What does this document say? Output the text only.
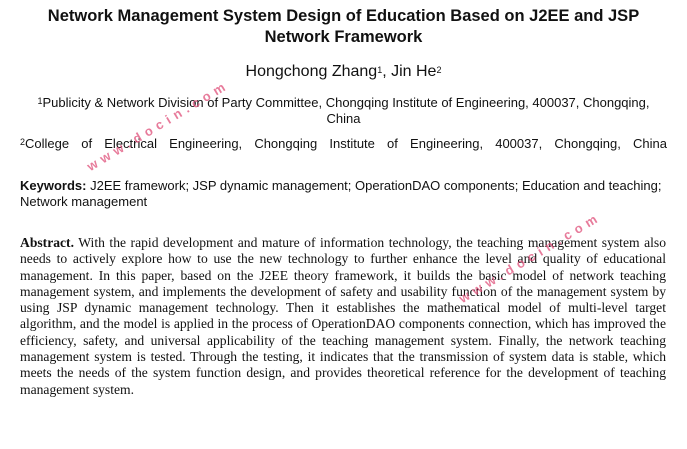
Network Management System Design of Education Based on J2EE and JSP Network Framework

Hongchong Zhang$^1$, Jin He$^2$

$^1$Publicity & Network Division of Party Committee, Chongqing Institute of Engineering, 400037, Chongqing, China

$^2$College of Electrical Engineering, Chongqing Institute of Engineering, 400037, Chongqing, China

Keywords: J2EE framework; JSP dynamic management; OperationDAO components; Education and teaching; Network management

Abstract. With the rapid development and mature of information technology, the teaching management system also needs to actively explore how to use the new technology to further enhance the level and quality of educational management. In this paper, based on the J2EE theory framework, it builds the basic model of network teaching management system, and implements the development of safety and usability function of the management system by using JSP dynamic management technology. Then it establishes the mathematical model of multi-level target algorithm, and the model is applied in the process of OperationDAO components connection, which has improved the efficiency, safety, and universal applicability of the teaching management system. Finally, the network teaching management system is tested. Through the testing, it indicates that the transmission of system data is stable, which meets the needs of the system function design, and provides theoretical reference for the development of teaching management system.

www.docin.com
www.docin.com
